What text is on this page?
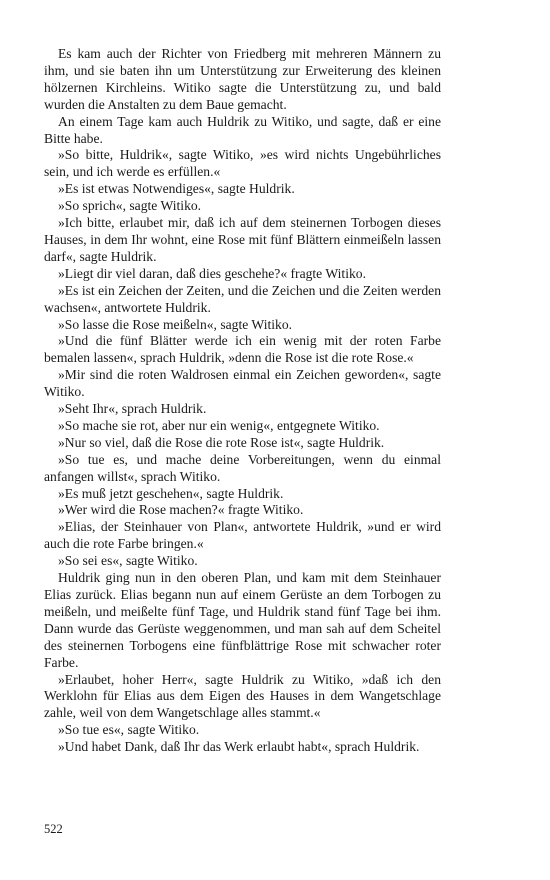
Es kam auch der Richter von Friedberg mit mehreren Männern zu ihm, und sie baten ihn um Unterstützung zur Erweiterung des kleinen hölzernen Kirchleins. Witiko sagte die Unterstützung zu, und bald wurden die Anstalten zu dem Baue gemacht.

An einem Tage kam auch Huldrik zu Witiko, und sagte, daß er eine Bitte habe.

»So bitte, Huldrik«, sagte Witiko, »es wird nichts Ungebührliches sein, und ich werde es erfüllen.«

»Es ist etwas Notwendiges«, sagte Huldrik.

»So sprich«, sagte Witiko.

»Ich bitte, erlaubet mir, daß ich auf dem steinernen Torbogen dieses Hauses, in dem Ihr wohnt, eine Rose mit fünf Blättern einmeißeln lassen darf«, sagte Huldrik.

»Liegt dir viel daran, daß dies geschehe?« fragte Witiko.

»Es ist ein Zeichen der Zeiten, und die Zeichen und die Zeiten werden wachsen«, antwortete Huldrik.

»So lasse die Rose meißeln«, sagte Witiko.

»Und die fünf Blätter werde ich ein wenig mit der roten Farbe bemalen lassen«, sprach Huldrik, »denn die Rose ist die rote Rose.«

»Mir sind die roten Waldrosen einmal ein Zeichen geworden«, sagte Witiko.

»Seht Ihr«, sprach Huldrik.

»So mache sie rot, aber nur ein wenig«, entgegnete Witiko.

»Nur so viel, daß die Rose die rote Rose ist«, sagte Huldrik.

»So tue es, und mache deine Vorbereitungen, wenn du einmal anfangen willst«, sprach Witiko.

»Es muß jetzt geschehen«, sagte Huldrik.

»Wer wird die Rose machen?« fragte Witiko.

»Elias, der Steinhauer von Plan«, antwortete Huldrik, »und er wird auch die rote Farbe bringen.«

»So sei es«, sagte Witiko.

Huldrik ging nun in den oberen Plan, und kam mit dem Steinhauer Elias zurück. Elias begann nun auf einem Gerüste an dem Torbogen zu meißeln, und meißelte fünf Tage, und Huldrik stand fünf Tage bei ihm. Dann wurde das Gerüste weggenommen, und man sah auf dem Scheitel des steinernen Torbogens eine fünfblättrige Rose mit schwacher roter Farbe.

»Erlaubet, hoher Herr«, sagte Huldrik zu Witiko, »daß ich den Werklohn für Elias aus dem Eigen des Hauses in dem Wangetschlage zahle, weil von dem Wangetschlage alles stammt.«

»So tue es«, sagte Witiko.

»Und habet Dank, daß Ihr das Werk erlaubt habt«, sprach Huldrik.

522
